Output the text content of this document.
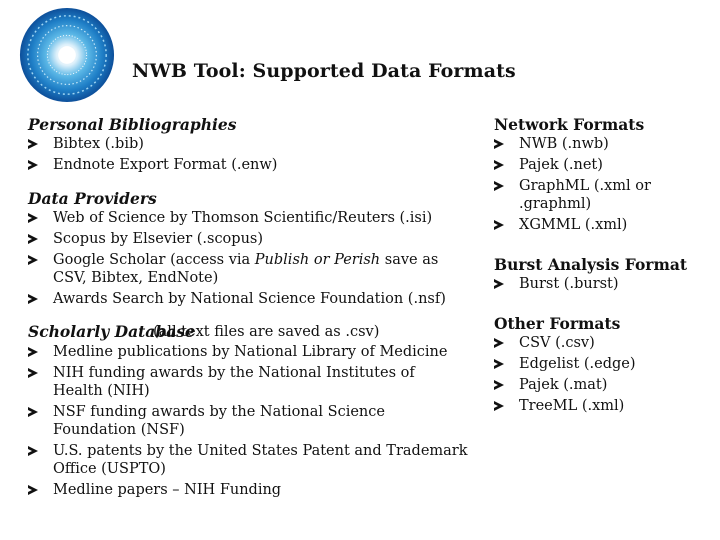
NWB Tool: Supported Data Formats

Personal Bibliographies

Bibtex (.bib)
Endnote Export Format (.enw)

Data Providers

Web of Science by Thomson Scientific/Reuters (.isi)
Scopus by Elsevier (.scopus)
Google Scholar (access via Publish or Perish save as CSV, Bibtex, EndNote)
Awards Search by National Science Foundation (.nsf)

Scholarly Database

(all text files are saved as .csv)
Medline publications by National Library of Medicine
NIH funding awards by the National Institutes of Health (NIH)
NSF funding awards by the National Science Foundation (NSF)
U.S. patents by the United States Patent and Trademark Office (USPTO)
Medline papers – NIH Funding

Network Formats

NWB (.nwb)
Pajek (.net)
GraphML (.xml or .graphml)
XGMML (.xml)

Burst Analysis Format

Burst (.burst)

Other Formats

CSV (.csv)
Edgelist (.edge)
Pajek (.mat)
TreeML (.xml)
